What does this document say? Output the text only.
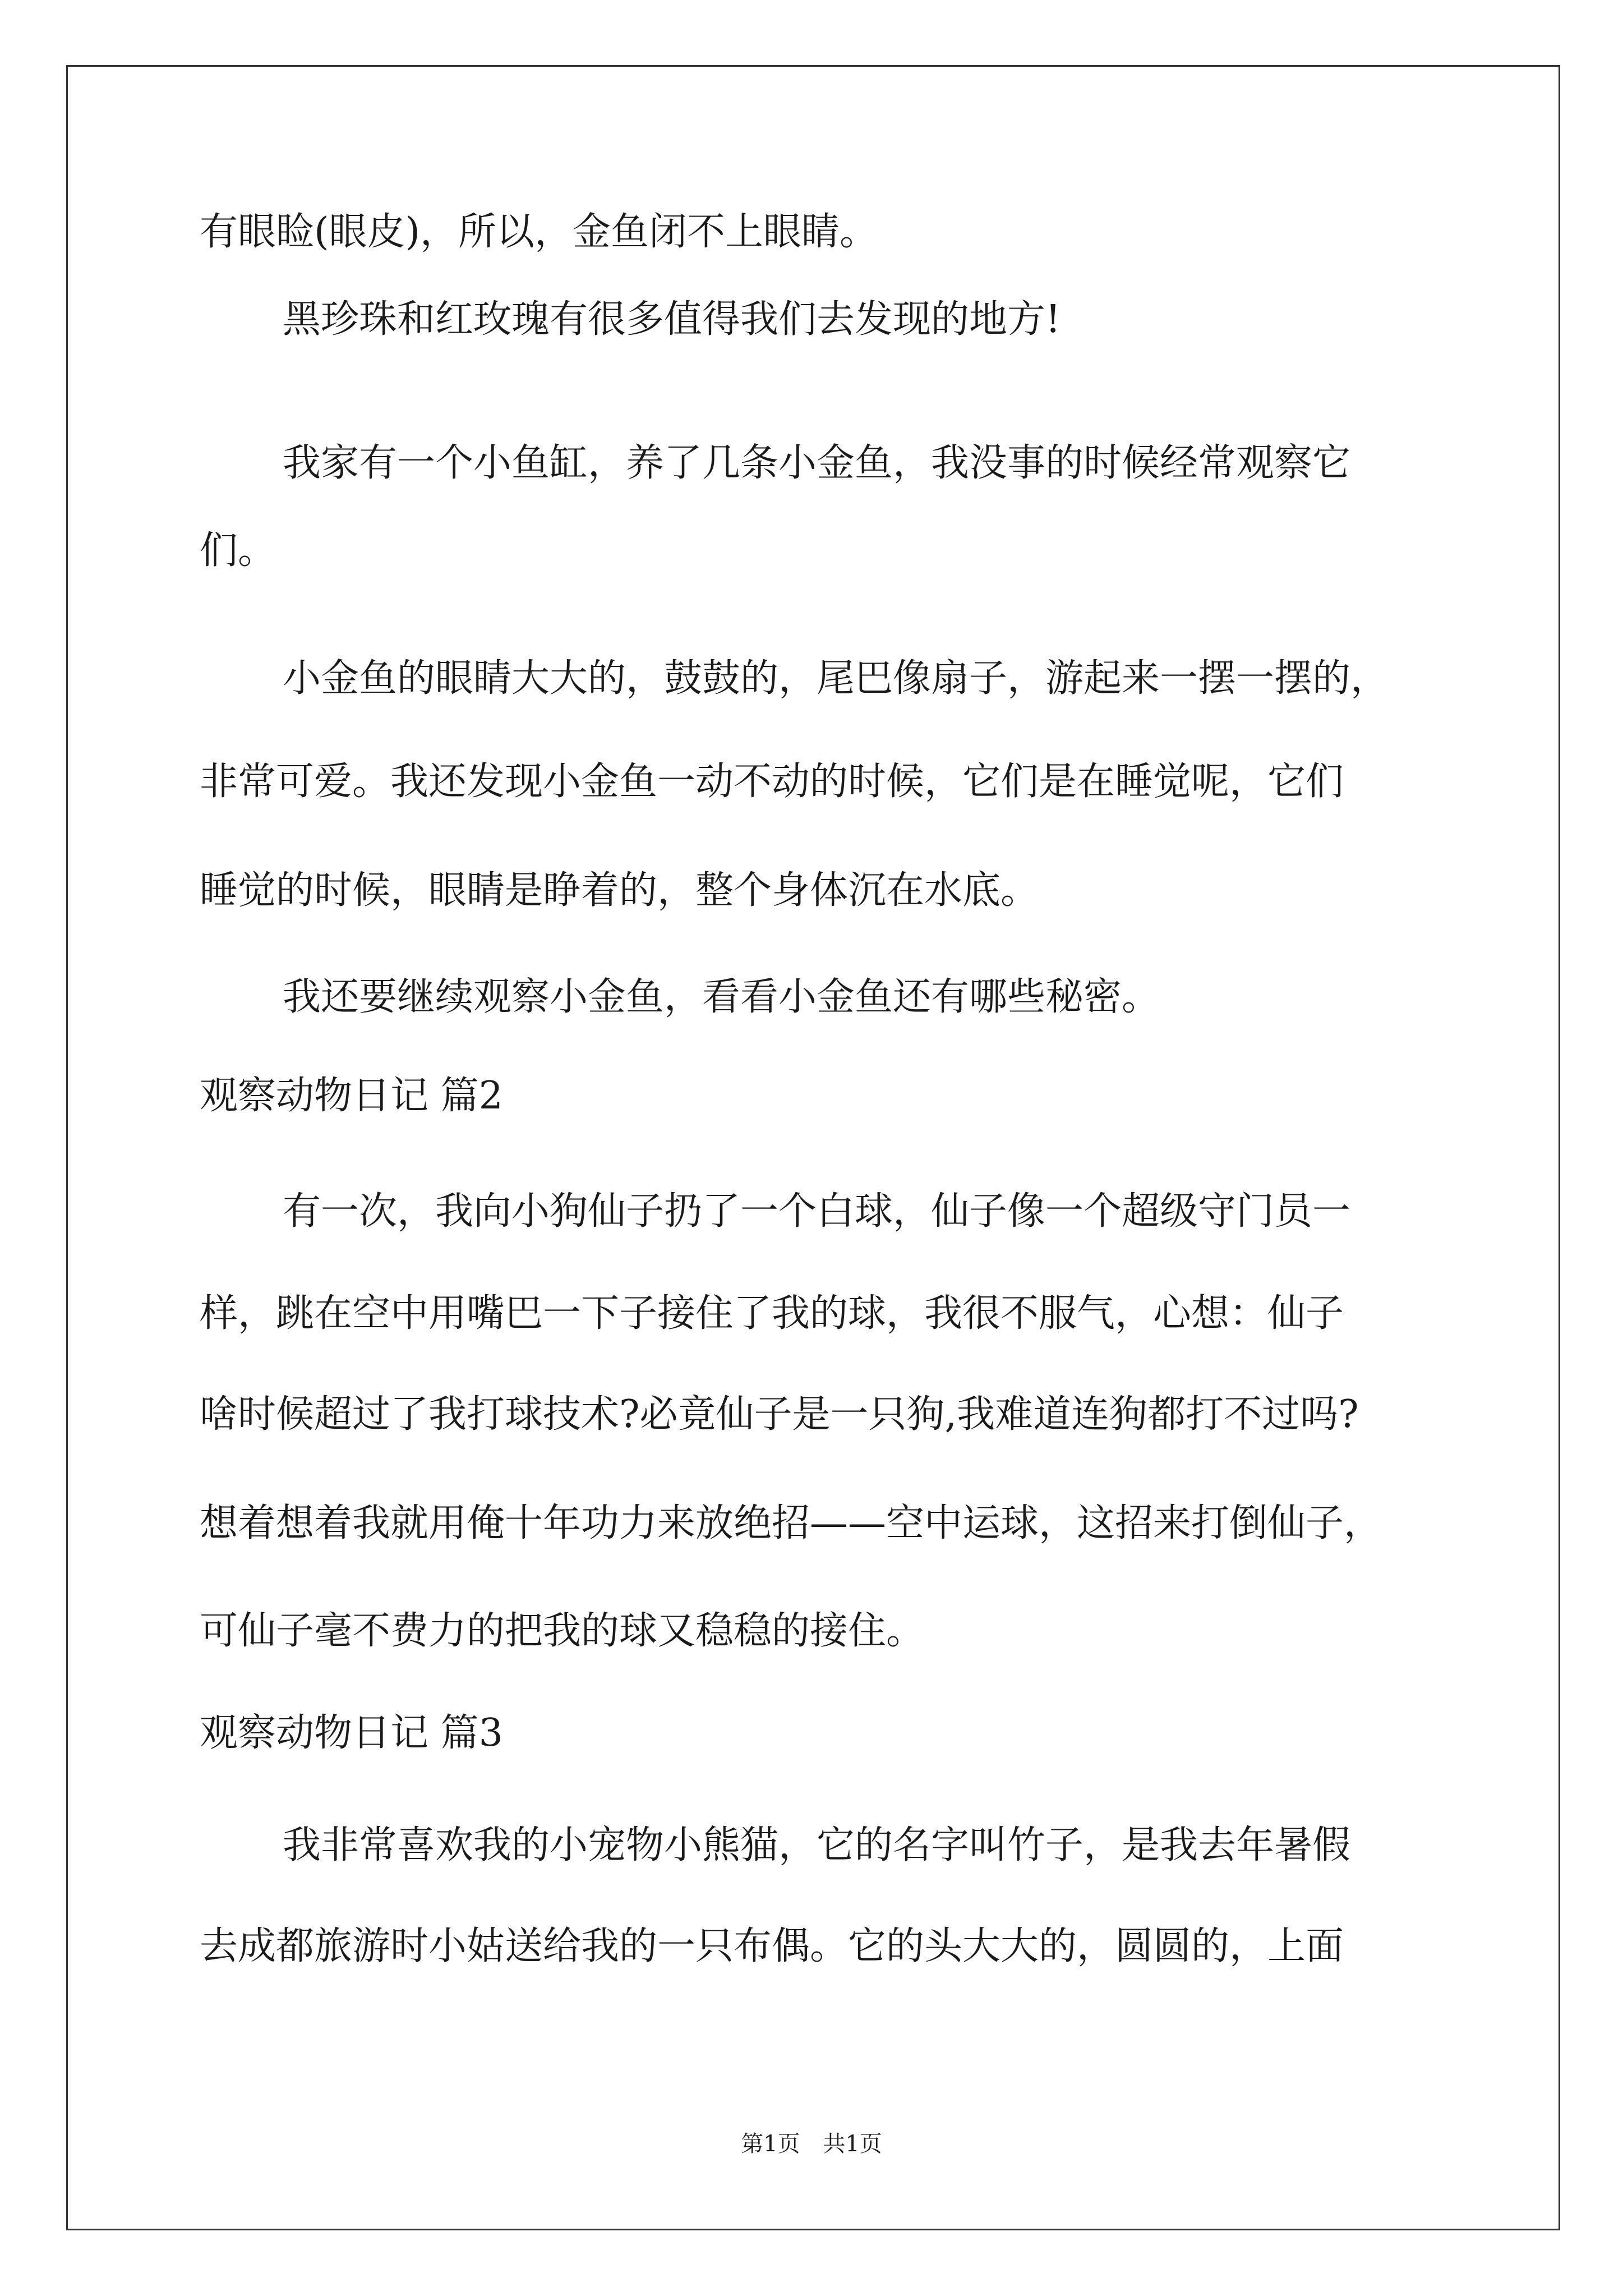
有眼睑(眼皮)，所以，金鱼闭不上眼睛。

黑珍珠和红玫瑰有很多值得我们去发现的地方!

我家有一个小鱼缸，养了几条小金鱼，我没事的时候经常观察它

们。

小金鱼的眼睛大大的，鼓鼓的，尾巴像扇子，游起来一摆一摆的，

非常可爱。我还发现小金鱼一动不动的时候，它们是在睡觉呢，它们

睡觉的时候，眼睛是睁着的，整个身体沉在水底。

我还要继续观察小金鱼，看看小金鱼还有哪些秘密。

观察动物日记 篇2

有一次，我向小狗仙子扔了一个白球，仙子像一个超级守门员一

样，跳在空中用嘴巴一下子接住了我的球，我很不服气，心想：仙子

啥时候超过了我打球技术?必竟仙子是一只狗,我难道连狗都打不过吗?

想着想着我就用俺十年功力来放绝招——空中运球，这招来打倒仙子，

可仙子毫不费力的把我的球又稳稳的接住。

观察动物日记 篇3

我非常喜欢我的小宠物小熊猫，它的名字叫竹子，是我去年暑假

去成都旅游时小姑送给我的一只布偶。它的头大大的，圆圆的，上面

第1页 共1页
